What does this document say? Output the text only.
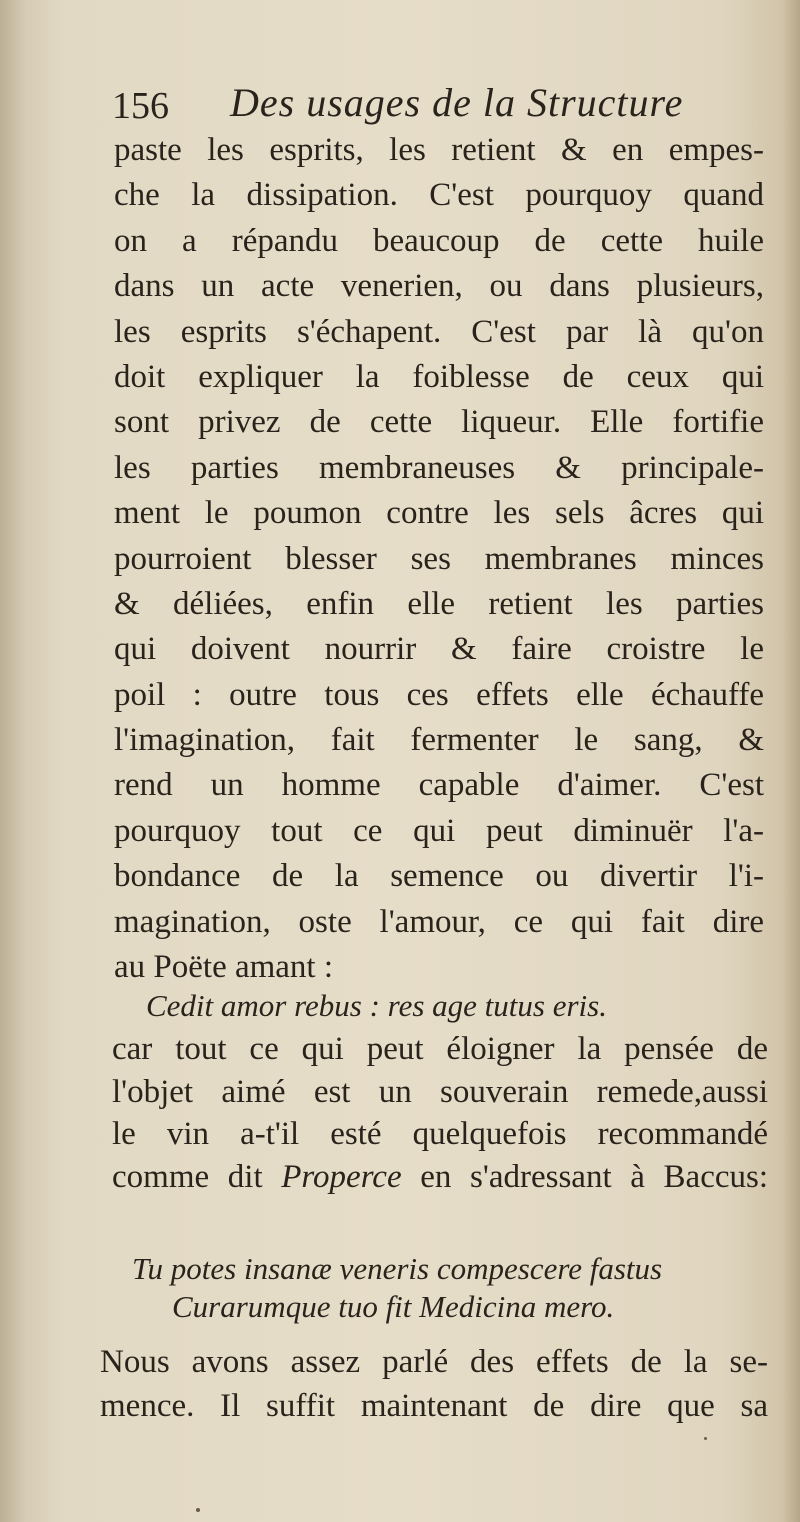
156 Des usages de la Structure
paste les esprits, les retient & en empes-
che la dissipation. C'est pourquoy quand
on a répandu beaucoup de cette huile
dans un acte venerien, ou dans plusieurs,
les esprits s'échapent. C'est par là qu'on
doit expliquer la foiblesse de ceux qui
sont privez de cette liqueur. Elle fortifie
les parties membraneuses & principale-
ment le poumon contre les sels âcres qui
pourroient blesser ses membranes minces
& déliées, enfin elle retient les parties
qui doivent nourrir & faire croistre le
poil : outre tous ces effets elle échauffe
l'imagination, fait fermenter le sang, &
rend un homme capable d'aimer. C'est
pourquoy tout ce qui peut diminuër l'a-
bondance de la semence ou divertir l'i-
magination, oste l'amour, ce qui fait dire
au Poëte amant :
Cedit amor rebus : res age tutus eris.
car tout ce qui peut éloigner la pensée de
l'objet aimé est un souverain remede,aussi
le vin a-t'il esté quelquefois recommandé
comme dit Properce en s'adressant à Baccus:
Tu potes insanæ veneris compescere fastus
Curarumque tuo fit Medicina mero.
Nous avons assez parlé des effets de la se-
mence. Il suffit maintenant de dire que sa
